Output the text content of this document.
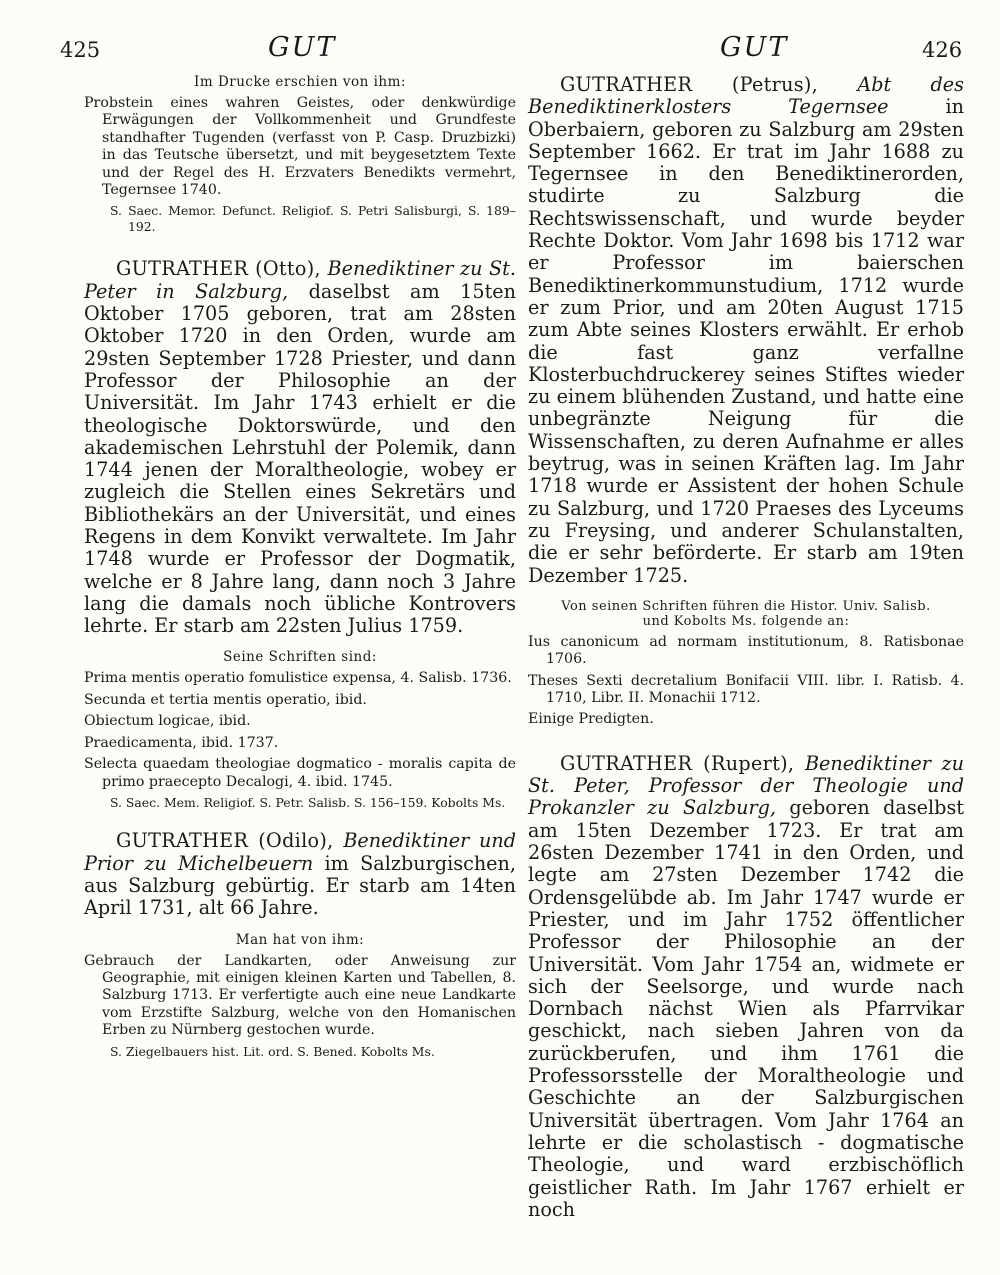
425	GUT	GUT	426

Im Drucke erschien von ihm:

Probstein eines wahren Geistes, oder denkwürdige Erwägungen der Vollkommenheit und Grundfeste standhafter Tugenden (verfasst von P. Casp. Druzbizki) in das Teutsche übersetzt, und mit beygesetztem Texte und der Regel des H. Erzvaters Benedikts vermehrt, Tegernsee 1740.

S. Saec. Memor. Defunct. Religiof. S. Petri Salisburgi, S. 189–192.

GUTRATHER (Otto), Benediktiner zu St. Peter in Salzburg, daselbst am 15ten Oktober 1705 geboren, trat am 28sten Oktober 1720 in den Orden, wurde am 29sten September 1728 Priester, und dann Professor der Philosophie an der Universität. Im Jahr 1743 erhielt er die theologische Doktorswürde, und den akademischen Lehrstuhl der Polemik, dann 1744 jenen der Moraltheologie, wobey er zugleich die Stellen eines Sekretärs und Bibliothekärs an der Universität, und eines Regens in dem Konvikt verwaltete. Im Jahr 1748 wurde er Professor der Dogmatik, welche er 8 Jahre lang, dann noch 3 Jahre lang die damals noch übliche Kontrovers lehrte. Er starb am 22sten Julius 1759.

Seine Schriften sind:

Prima mentis operatio fomulistice expensa, 4. Salisb. 1736.

Secunda et tertia mentis operatio, ibid.

Obiectum logicae, ibid.

Praedicamenta, ibid. 1737.

Selecta quaedam theologiae dogmatico - moralis capita de primo praecepto Decalogi, 4. ibid. 1745.

S. Saec. Mem. Religiof. S. Petr. Salisb. S. 156–159. Kobolts Ms.

GUTRATHER (Odilo), Benediktiner und Prior zu Michelbeuern im Salzburgischen, aus Salzburg gebürtig. Er starb am 14ten April 1731, alt 66 Jahre.

Man hat von ihm:

Gebrauch der Landkarten, oder Anweisung zur Geographie, mit einigen kleinen Karten und Tabellen, 8. Salzburg 1713. Er verfertigte auch eine neue Landkarte vom Erzstifte Salzburg, welche von den Homanischen Erben zu Nürnberg gestochen wurde.

S. Ziegelbauers hist. Lit. ord. S. Bened. Kobolts Ms.

GUTRATHER (Petrus), Abt des Benediktinerklosters Tegernsee	in Oberbaiern, geboren zu Salzburg am 29sten September 1662. Er trat im Jahr 1688 zu Tegernsee in den Benediktinerorden, studirte zu Salzburg die Rechtswissenschaft, und wurde beyder Rechte Doktor. Vom Jahr 1698 bis 1712 war er Professor im baierschen Benediktinerkommunstudium, 1712 wurde er zum Prior, und am 20ten August 1715 zum Abte seines Klosters erwählt. Er erhob die fast ganz verfallne Klosterbuchdruckerey seines Stiftes wieder zu einem blühenden Zustand, und hatte eine unbegränzte Neigung für die Wissenschaften, zu deren Aufnahme er alles beytrug, was in seinen Kräften lag. Im Jahr 1718 wurde er Assistent der hohen Schule zu Salzburg, und 1720 Praeses des Lyceums zu Freysing, und anderer Schulanstalten, die er sehr beförderte. Er starb am 19ten Dezember 1725.

Von seinen Schriften führen die Histor. Univ. Salisb. und Kobolts Ms. folgende an:

Ius canonicum ad normam institutionum, 8. Ratisbonae 1706.

Theses Sexti decretalium Bonifacii VIII. libr. I. Ratisb. 4. 1710, Libr. II. Monachii 1712.

Einige Predigten.

GUTRATHER (Rupert), Benediktiner zu St. Peter, Professor der Theologie und Prokanzler zu Salzburg, geboren daselbst am 15ten Dezember 1723. Er trat am 26sten Dezember 1741 in den Orden, und legte am 27sten Dezember 1742 die Ordensgelübde ab. Im Jahr 1747 wurde er Priester, und im Jahr 1752 öffentlicher Professor der Philosophie an der Universität. Vom Jahr 1754 an, widmete er sich der Seelsorge, und wurde nach Dornbach nächst Wien als Pfarrvikar geschickt, nach sieben Jahren von da zurückberufen, und ihm 1761 die Professorsstelle der Moraltheologie und Geschichte an der Salzburgischen Universität übertragen. Vom Jahr 1764 an lehrte er die scholastisch - dogmatische Theologie, und ward erzbischöflich geistlicher Rath. Im Jahr 1767 erhielt er noch
